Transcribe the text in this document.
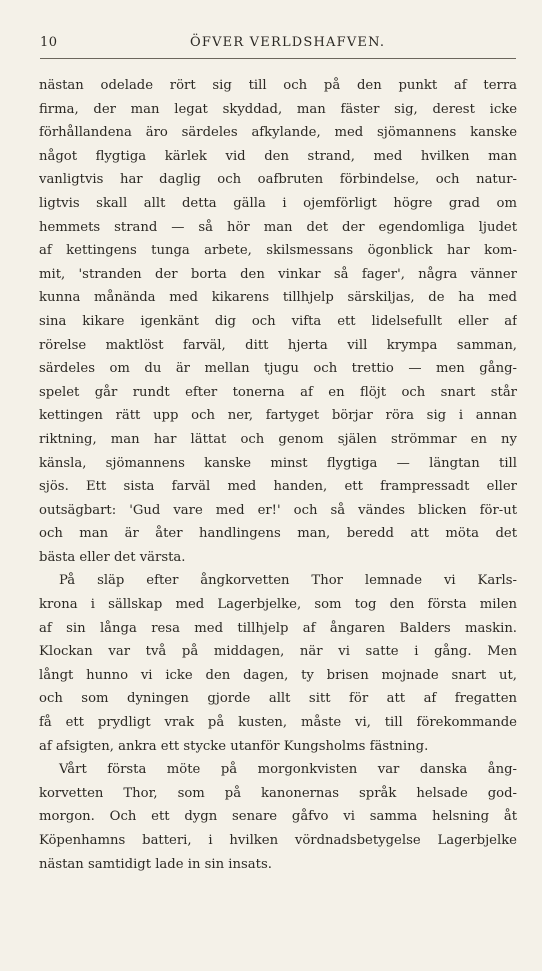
10	ÖFVER VERLDSHAFVEN.
nästan odelade rört sig till och på den punkt af terra
firma, der man legat skyddad, man fäster sig, derest icke
förhållandena äro särdeles afkylande, med sjömannens kanske
något flygtiga kärlek vid den strand, med hvilken man
vanligtvis har daglig och oafbruten förbindelse, och natur-
ligtvis skall allt detta gälla i ojemförligt högre grad om
hemmets strand — så hör man det der egendomliga ljudet
af kettingens tunga arbete, skilsmessans ögonblick har kom-
mit, 'stranden der borta den vinkar så fager', några vänner
kunna månända med kikarens tillhjelp särskiljas, de ha med
sina kikare igenkänt dig och vifta ett lidelsefullt eller af
rörelse maktlöst farväl, ditt hjerta vill krympa samman,
särdeles om du är mellan tjugu och trettio — men gång-
spelet går rundt efter tonerna af en flöjt och snart står
kettingen rätt upp och ner, fartyget börjar röra sig i annan
riktning, man har lättat och genom själen strömmar en ny
känsla, sjömannens kanske minst flygtiga — längtan till
sjös. Ett sista farväl med handen, ett frampressadt eller
outsägbart: 'Gud vare med er!' och så vändes blicken för-ut
och man är åter handlingens man, beredd att möta det
bästa eller det värsta.
På släp efter ångkorvetten Thor lemnade vi Karls-
krona i sällskap med Lagerbjelke, som tog den första milen
af sin långa resa med tillhjelp af ångaren Balders maskin.
Klockan var två på middagen, när vi satte i gång. Men
långt hunno vi icke den dagen, ty brisen mojnade snart ut,
och som dyningen gjorde allt sitt för att af fregatten
få ett prydligt vrak på kusten, måste vi, till förekommande
af afsigten, ankra ett stycke utanför Kungsholms fästning.
Vårt första möte på morgonkvisten var danska ång-
korvetten Thor, som på kanonernas språk helsade god-
morgon. Och ett dygn senare gåfvo vi samma helsning åt
Köpenhamns batteri, i hvilken vördnadsbetygelse Lagerbjelke
nästan samtidigt lade in sin insats.
